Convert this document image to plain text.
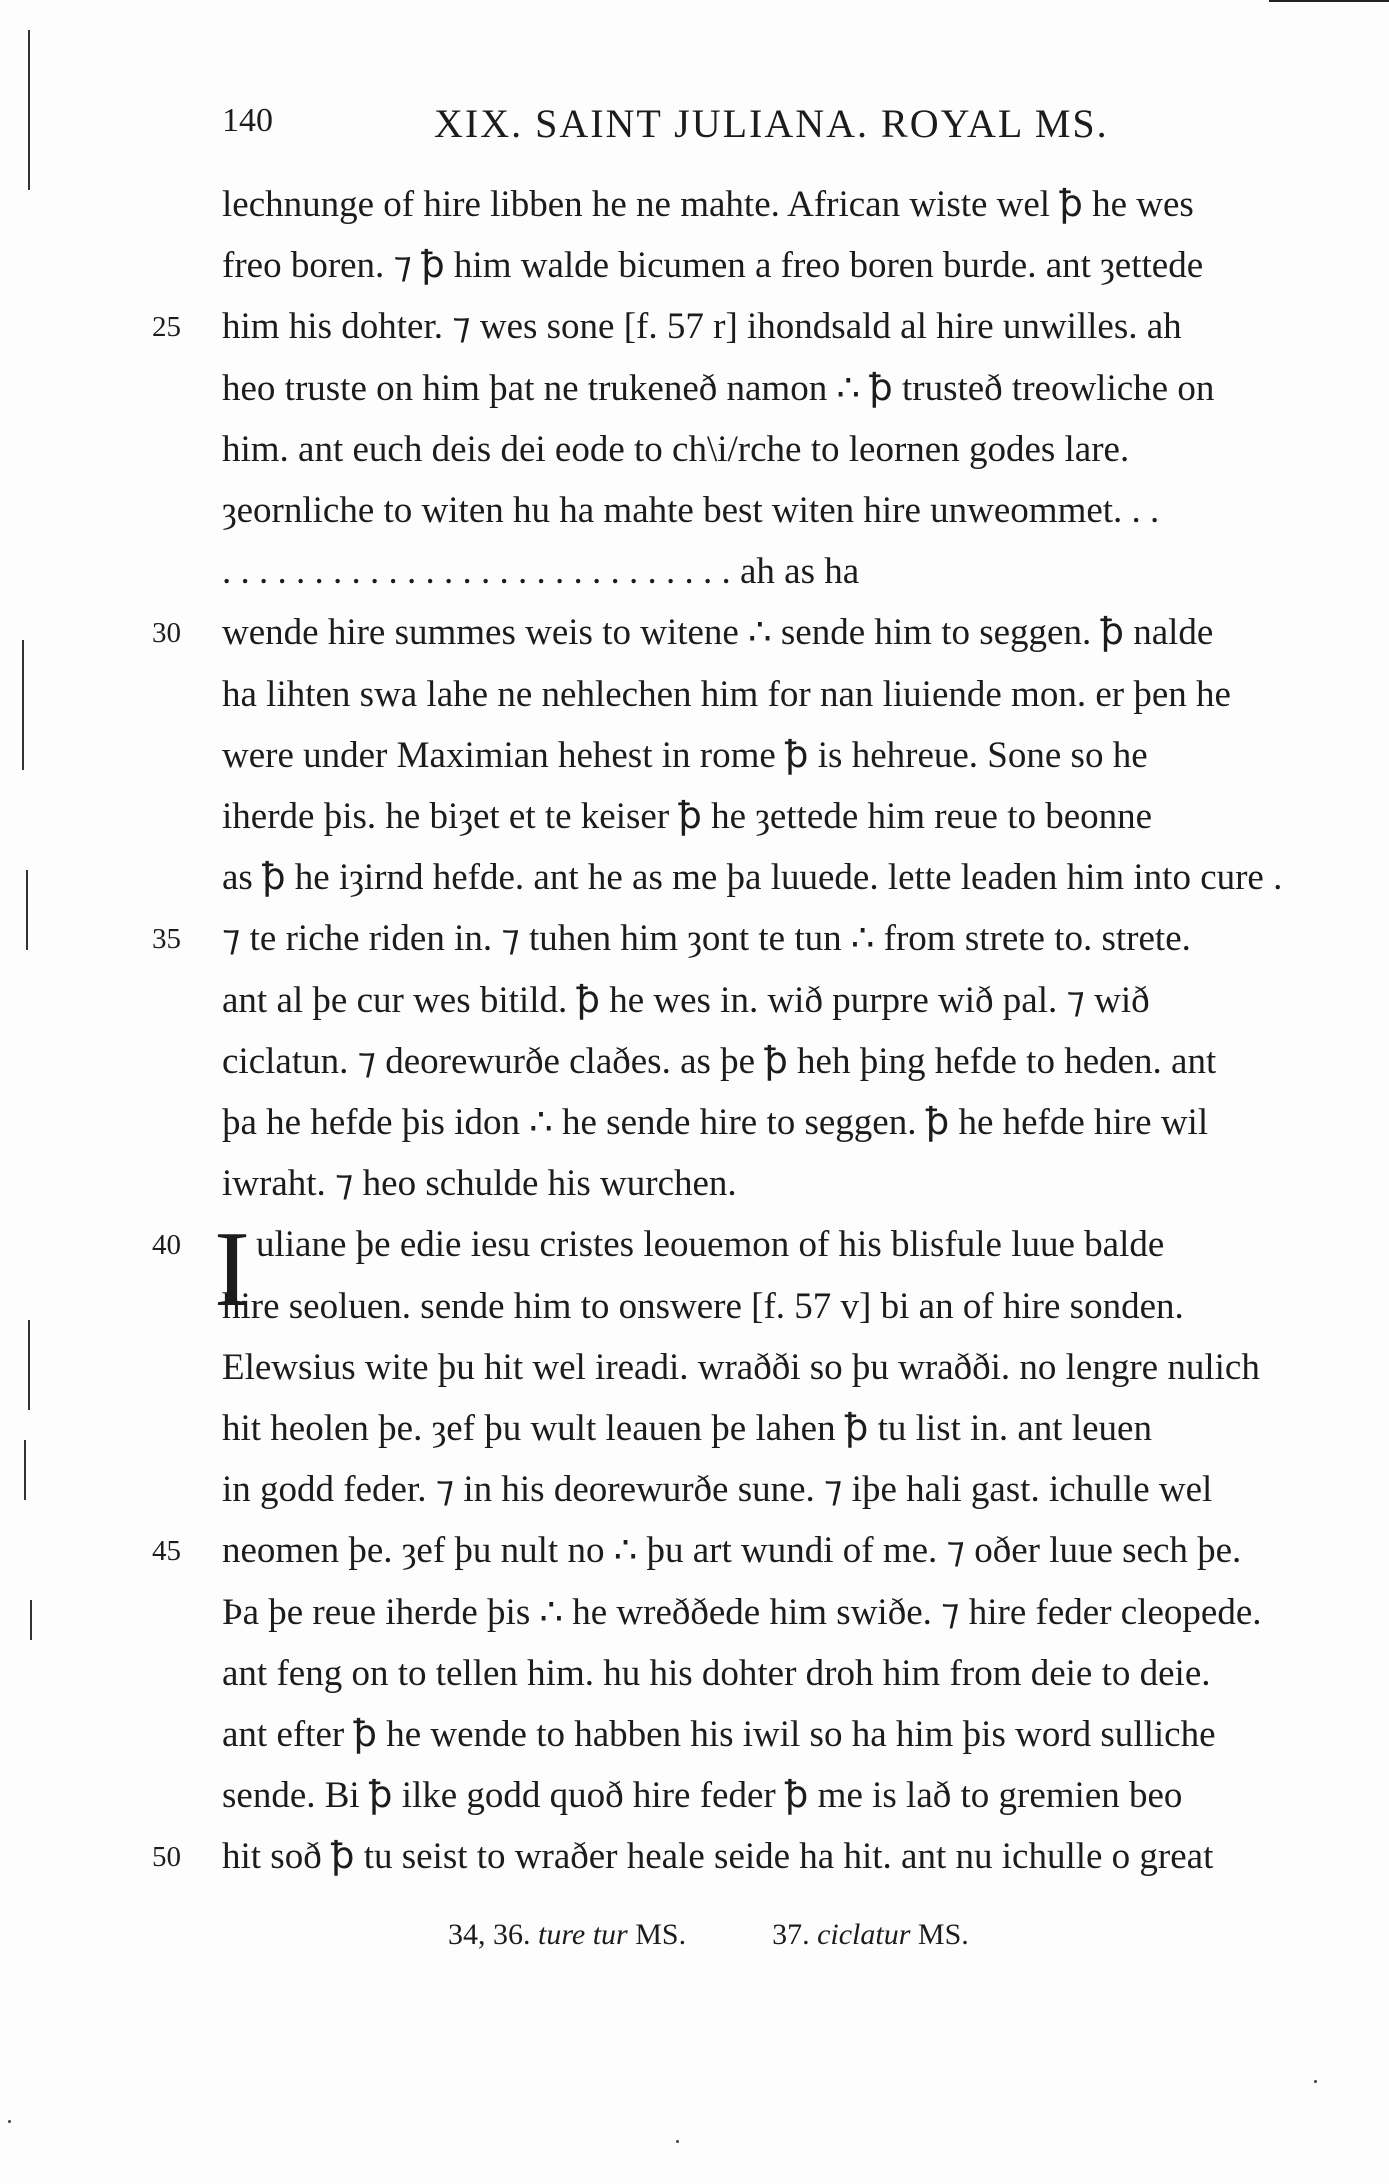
140	XIX. SAINT JULIANA. ROYAL MS.
lechnunge of hire libben he ne mahte. African wiste wel ꝥ he wes
freo boren. ⁊ ꝥ him walde bicumen a freo boren burde. ant ȝettede
25	him his dohter. ⁊ wes sone [f. 57 r] ihondsald al hire unwilles. ah
heo truste on him þat ne trukeneð namon ∴ ꝥ trusteð treowliche on
him. ant euch deis dei eode to ch\i/rche to leornen godes lare.
ȝeornliche to witen hu ha mahte best witen hire unweommet. . .
. . . . . . . . . . . . . . . . . . . . . . . . . . . . ah as ha
30	wende hire summes weis to witene ∴ sende him to seggen. ꝥ nalde
ha lihten swa lahe ne nehlechen him for nan liuiende mon. er þen he
were under Maximian hehest in rome ꝥ is hehreue. Sone so he
iherde þis. he biȝet et te keiser ꝥ he ȝettede him reue to beonne
as ꝥ he iȝirnd hefde. ant he as me þa luuede. lette leaden him into cure .
35	⁊ te riche riden in. ⁊ tuhen him ȝont te tun ∴ from strete to. strete.
ant al þe cur wes bitild. ꝥ he wes in. wið purpre wið pal. ⁊ wið
ciclatun. ⁊ deorewurðe claðes. as þe ꝥ heh þing hefde to heden. ant
þa he hefde þis idon ∴ he sende hire to seggen. ꝥ he hefde hire wil
iwraht. ⁊ heo schulde his wurchen.
40 I uliane þe edie iesu cristes leouemon of his blisfule luue balde
hire seoluen. sende him to onswere [f. 57 v] bi an of hire sonden.
Elewsius wite þu hit wel ireadi. wraðði so þu wraðði. no lengre nulich
hit heolen þe. ȝef þu wult leauen þe lahen ꝥ tu list in. ant leuen
in godd feder. ⁊ in his deorewurðe sune. ⁊ iþe hali gast. ichulle wel
45	neomen þe. ȝef þu nult no ∴ þu art wundi of me. ⁊ oðer luue sech þe.
Þa þe reue iherde þis ∴ he wreððede him swiðe. ⁊ hire feder cleopede.
ant feng on to tellen him. hu his dohter droh him from deie to deie.
ant efter ꝥ he wende to habben his iwil so ha him þis word sulliche
sende. Bi ꝥ ilke godd quoð hire feder ꝥ me is lað to gremien beo
50	hit soð ꝥ tu seist to wraðer heale seide ha hit. ant nu ichulle o great
34, 36. ture tur MS.	37. ciclatur MS.
